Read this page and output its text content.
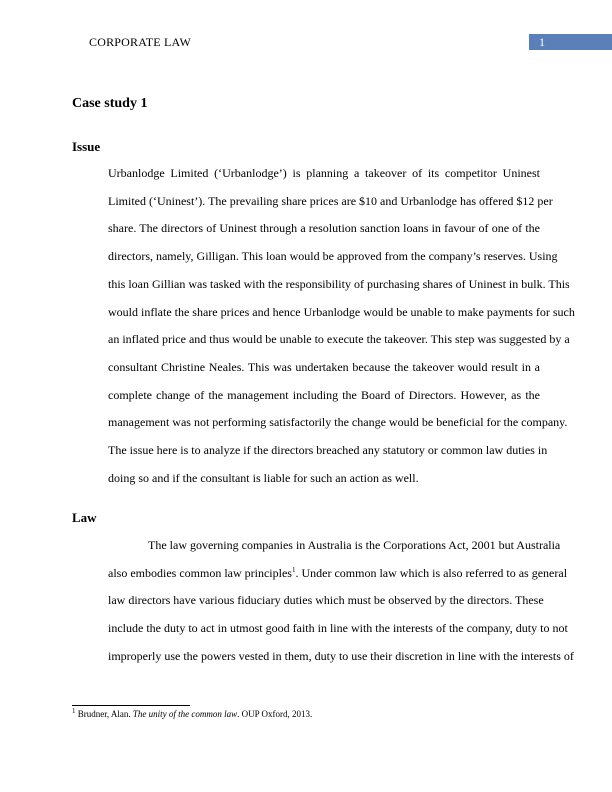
CORPORATE LAW	1
Case study 1
Issue
Urbanlodge Limited (‘Urbanlodge’) is planning a takeover of its competitor Uninest
Limited (‘Uninest’). The prevailing share prices are $10 and Urbanlodge has offered $12 per
share. The directors of Uninest through a resolution sanction loans in favour of one of the
directors, namely, Gilligan. This loan would be approved from the company’s reserves. Using
this loan Gillian was tasked with the responsibility of purchasing shares of Uninest in bulk. This
would inflate the share prices and hence Urbanlodge would be unable to make payments for such
an inflated price and thus would be unable to execute the takeover. This step was suggested by a
consultant Christine Neales. This was undertaken because the takeover would result in a
complete change of the management including the Board of Directors. However, as the
management was not performing satisfactorily the change would be beneficial for the company.
The issue here is to analyze if the directors breached any statutory or common law duties in
doing so and if the consultant is liable for such an action as well.
Law
The law governing companies in Australia is the Corporations Act, 2001 but Australia
also embodies common law principles$^1$. Under common law which is also referred to as general
law directors have various fiduciary duties which must be observed by the directors. These
include the duty to act in utmost good faith in line with the interests of the company, duty to not
improperly use the powers vested in them, duty to use their discretion in line with the interests of
$^1$ Brudner, Alan. The unity of the common law. OUP Oxford, 2013.
